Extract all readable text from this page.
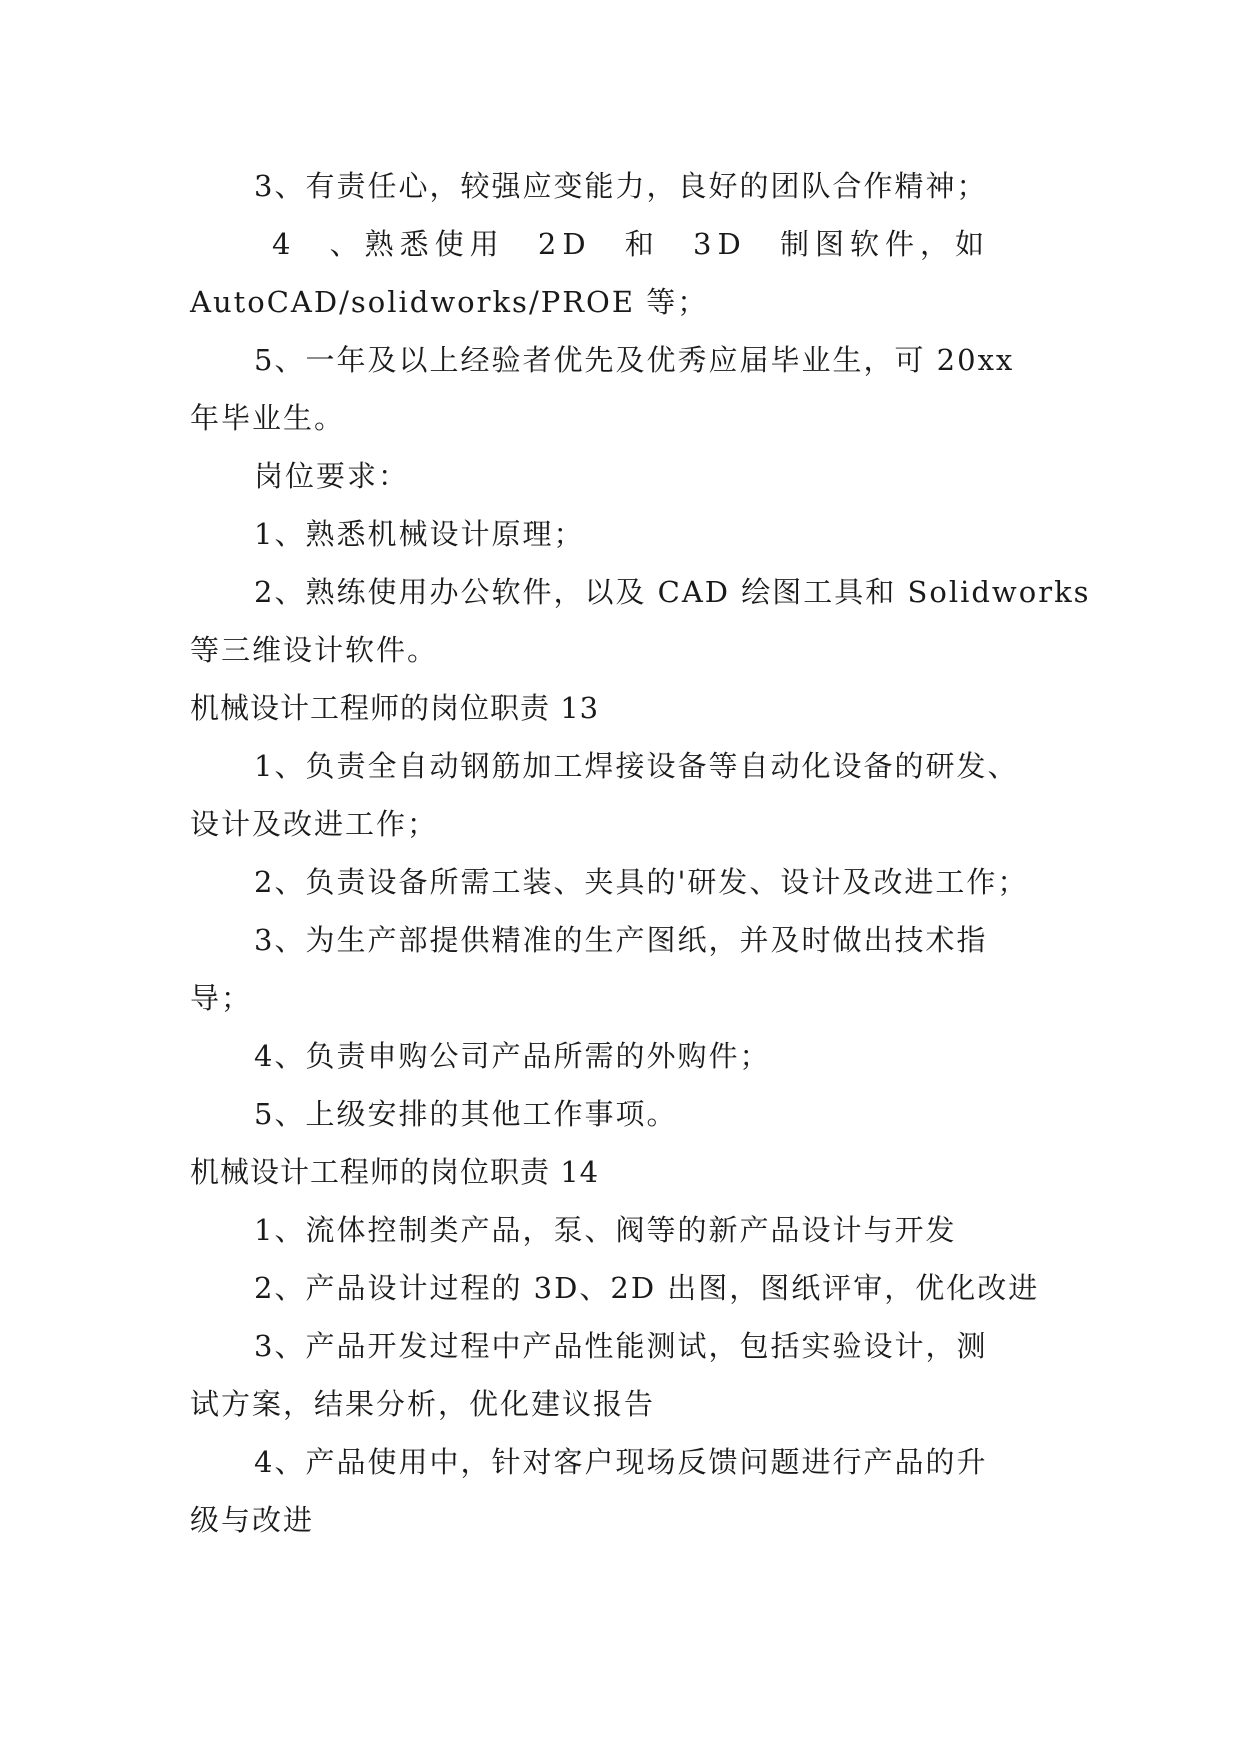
3、有责任心，较强应变能力，良好的团队合作精神；
4 、熟悉使用 2D 和 3D 制图软件，如
AutoCAD/solidworks/PROE 等；
5、一年及以上经验者优先及优秀应届毕业生，可 20xx
年毕业生。
岗位要求：
1、熟悉机械设计原理；
2、熟练使用办公软件，以及 CAD 绘图工具和 Solidworks
等三维设计软件。
机械设计工程师的岗位职责 13
1、负责全自动钢筋加工焊接设备等自动化设备的研发、
设计及改进工作；
2、负责设备所需工装、夹具的'研发、设计及改进工作；
3、为生产部提供精准的生产图纸，并及时做出技术指
导；
4、负责申购公司产品所需的外购件；
5、上级安排的其他工作事项。
机械设计工程师的岗位职责 14
1、流体控制类产品，泵、阀等的新产品设计与开发
2、产品设计过程的 3D、2D 出图，图纸评审，优化改进
3、产品开发过程中产品性能测试，包括实验设计，测
试方案，结果分析，优化建议报告
4、产品使用中，针对客户现场反馈问题进行产品的升
级与改进
